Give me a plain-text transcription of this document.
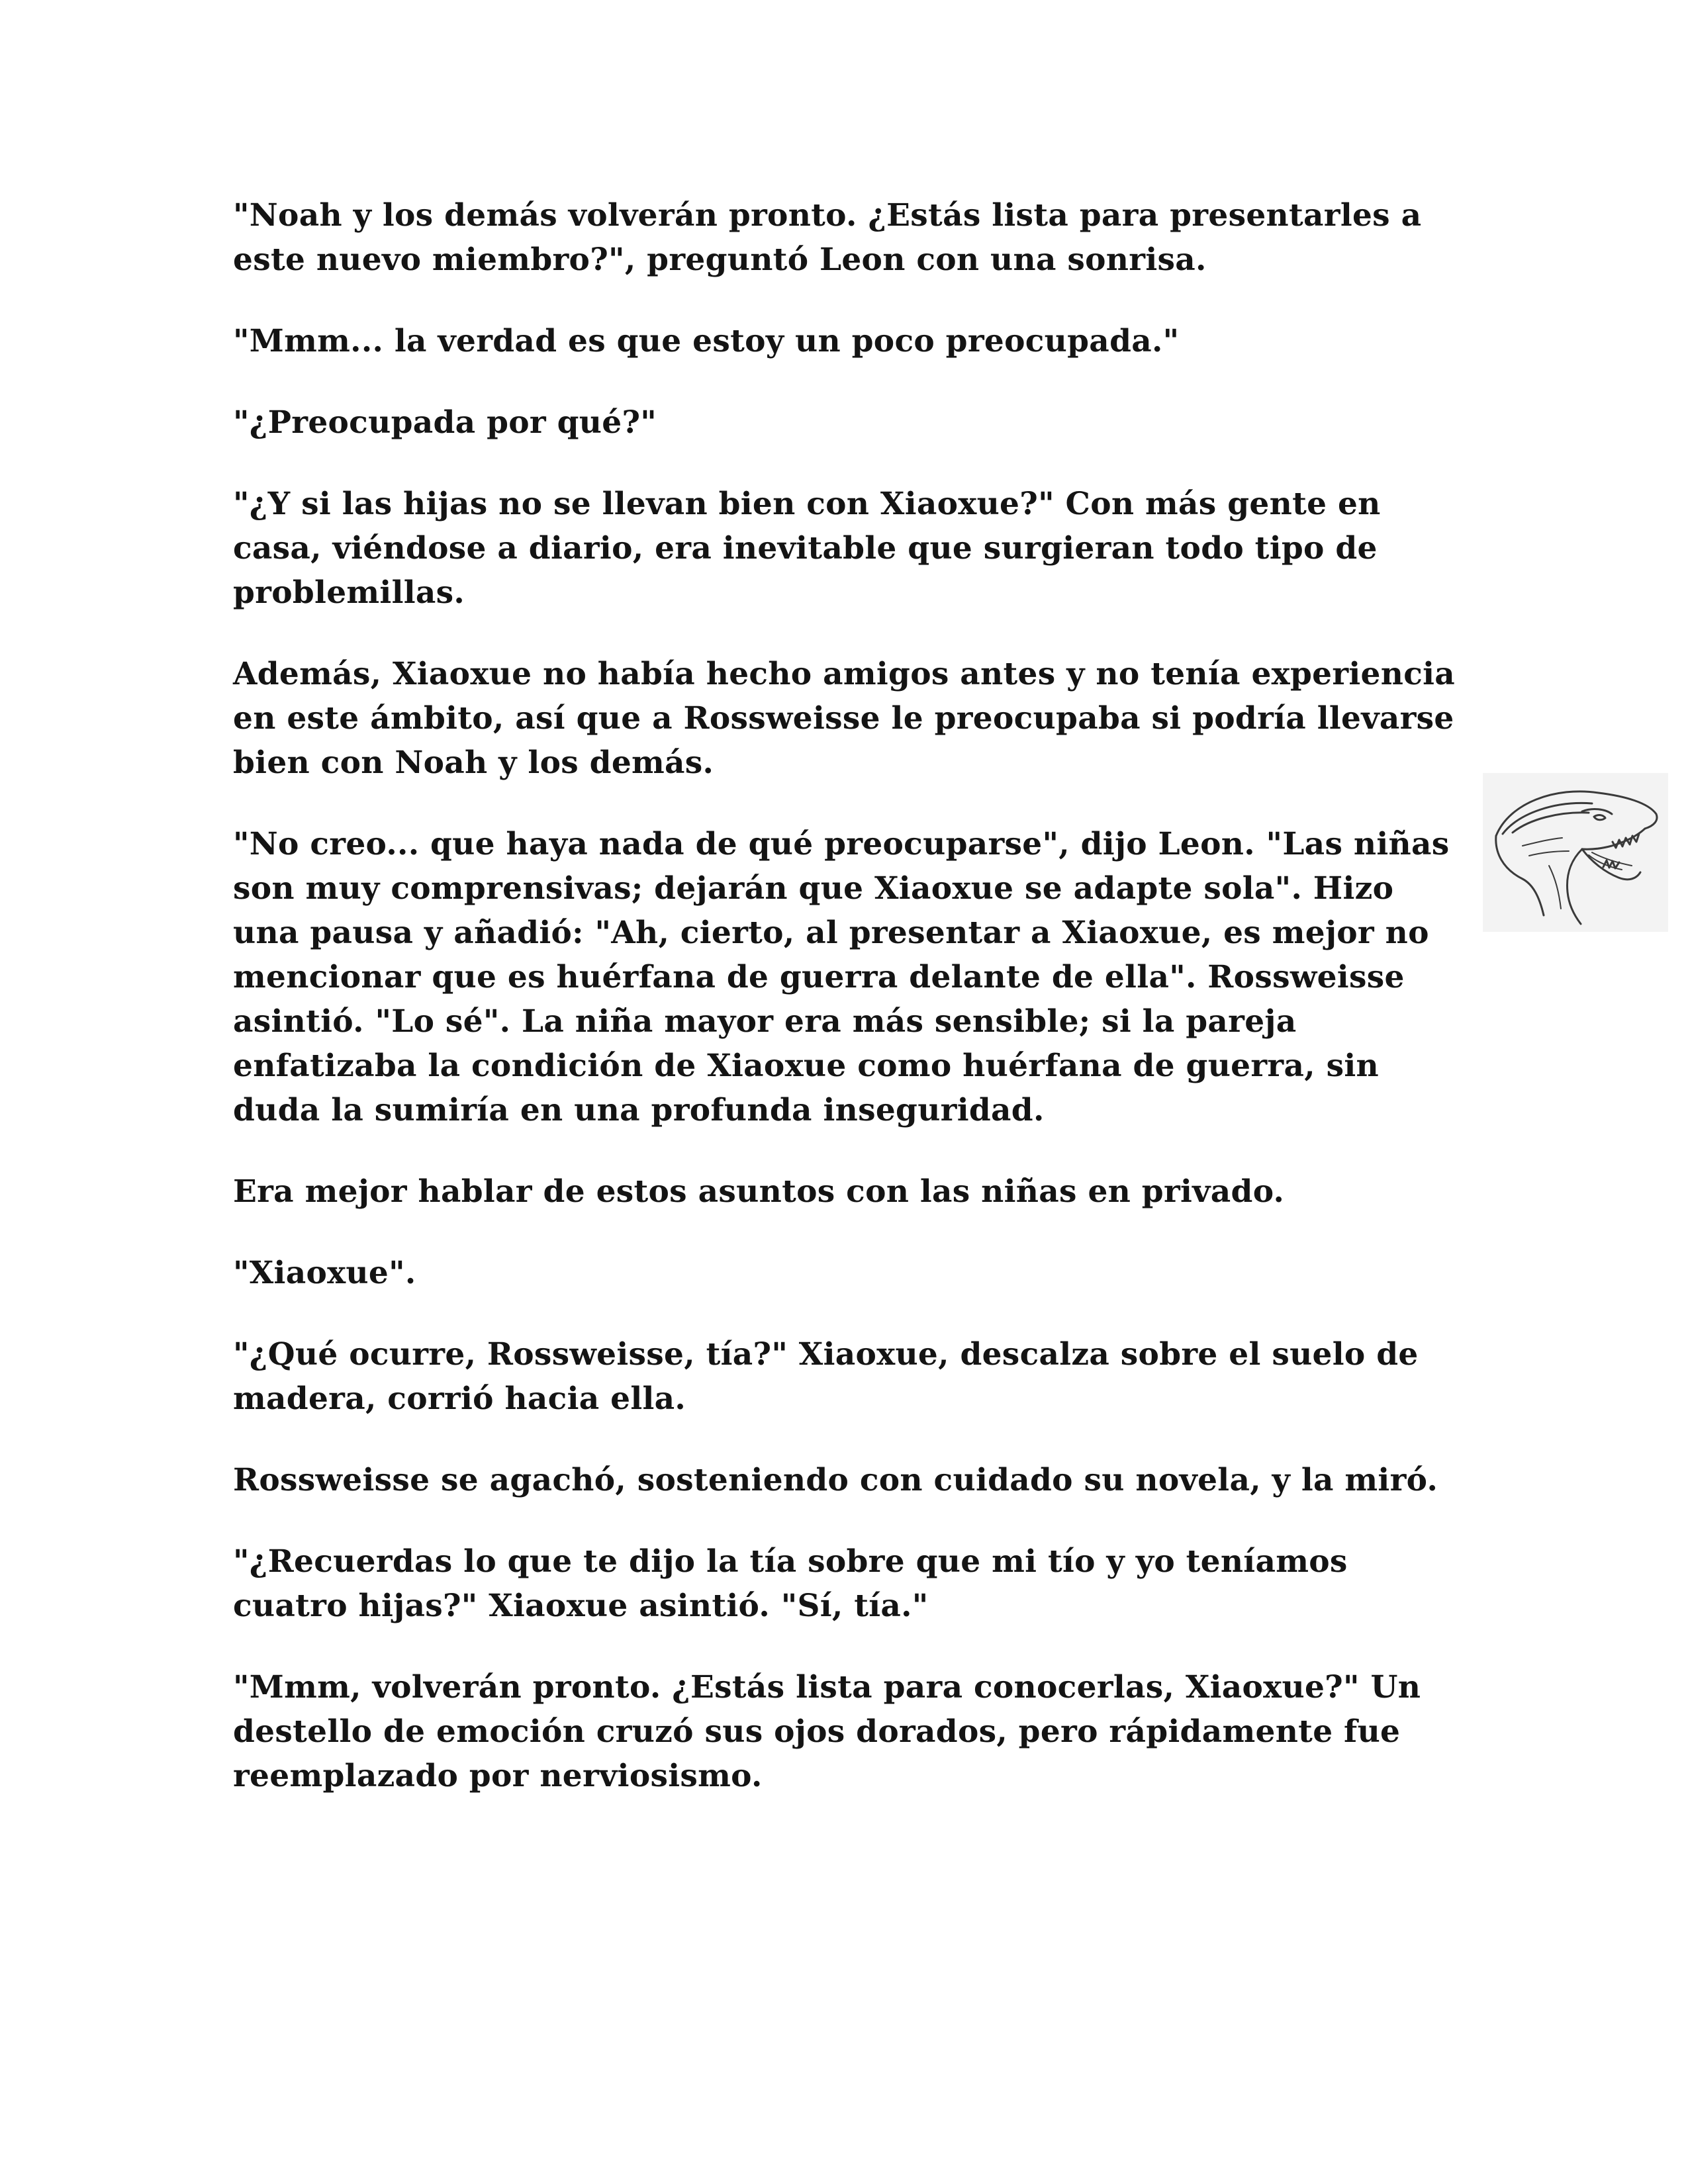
"Noah y los demás volverán pronto. ¿Estás lista para presentarles a este nuevo miembro?", preguntó Leon con una sonrisa.

"Mmm... la verdad es que estoy un poco preocupada."

"¿Preocupada por qué?"

"¿Y si las hijas no se llevan bien con Xiaoxue?" Con más gente en casa, viéndose a diario, era inevitable que surgieran todo tipo de problemillas.

Además, Xiaoxue no había hecho amigos antes y no tenía experiencia en este ámbito, así que a Rossweisse le preocupaba si podría llevarse bien con Noah y los demás.

"No creo... que haya nada de qué preocuparse", dijo Leon. "Las niñas son muy comprensivas; dejarán que Xiaoxue se adapte sola". Hizo una pausa y añadió: "Ah, cierto, al presentar a Xiaoxue, es mejor no mencionar que es huérfana de guerra delante de ella". Rossweisse asintió. "Lo sé". La niña mayor era más sensible; si la pareja enfatizaba la condición de Xiaoxue como huérfana de guerra, sin duda la sumiría en una profunda inseguridad.

Era mejor hablar de estos asuntos con las niñas en privado.

"Xiaoxue".

"¿Qué ocurre, Rossweisse, tía?" Xiaoxue, descalza sobre el suelo de madera, corrió hacia ella.

Rossweisse se agachó, sosteniendo con cuidado su novela, y la miró.

"¿Recuerdas lo que te dijo la tía sobre que mi tío y yo teníamos cuatro hijas?" Xiaoxue asintió. "Sí, tía."

"Mmm, volverán pronto. ¿Estás lista para conocerlas, Xiaoxue?" Un destello de emoción cruzó sus ojos dorados, pero rápidamente fue reemplazado por nerviosismo.
